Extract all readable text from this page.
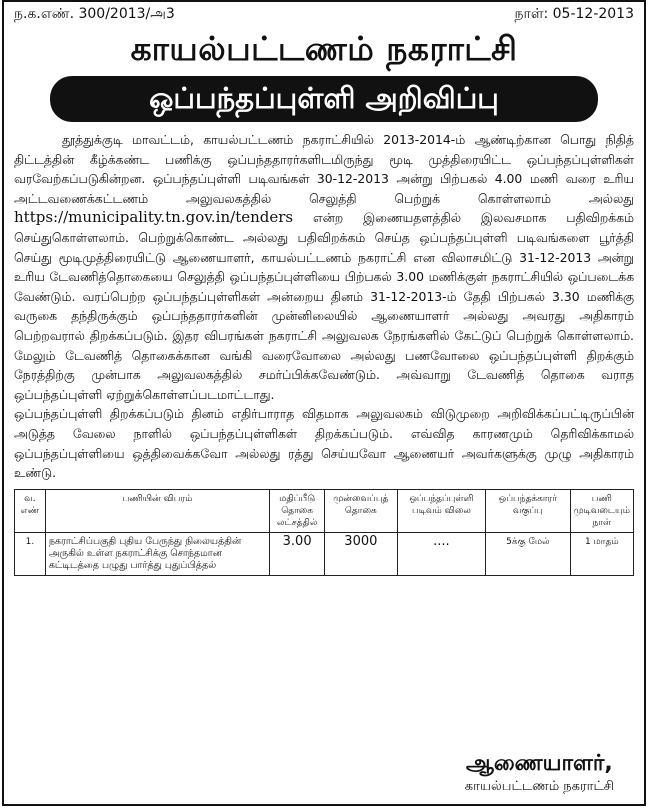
ந.க.எண். 300/2013/அ3	நாள்: 05-12-2013
காயல்பட்டணம் நகராட்சி
ஒப்பந்தப்புள்ளி அறிவிப்பு

தூத்துக்குடி மாவட்டம், காயல்பட்டணம் நகராட்சியில் 2013-2014-ம் ஆண்டிற்கான பொது நிதித் திட்டத்தின் கீழ்க்கண்ட பணிக்கு ஒப்பந்ததாரர்களிடமிருந்து மூடி முத்திரையிட்ட ஒப்பந்தப்புள்ளிகள் வரவேற்கப்படுகின்றன. ஒப்பந்தப்புள்ளி படிவங்கள் 30-12-2013 அன்று பிற்பகல் 4.00 மணி வரை உரிய அட்டவணைக்கட்டணம் அலுவலகத்தில் செலுத்தி பெற்றுக் கொள்ளலாம் அல்லது https://municipality.tn.gov.in/tenders என்ற இணையதளத்தில் இலவசமாக பதிவிறக்கம் செய்துகொள்ளலாம். பெற்றுக்கொண்ட அல்லது பதிவிறக்கம் செய்த ஒப்பந்தப்புள்ளி படிவங்களை பூர்த்தி செய்து மூடிமுத்திரையிட்டு ஆணையாளர், காயல்பட்டணம் நகராட்சி என விலாசமிட்டு 31-12-2013 அன்று உரிய டேவணித்தொகையை செலுத்தி ஒப்பந்தப்புள்ளியை பிற்பகல் 3.00 மணிக்குள் நகராட்சியில் ஒப்படைக்க வேண்டும். வரப்பெற்ற ஒப்பந்தப்புள்ளிகள் அன்றைய தினம் 31-12-2013-ம் தேதி பிற்பகல் 3.30 மணிக்கு வருகை தந்திருக்கும் ஒப்பந்ததாரர்களின் முன்னிலையில் ஆணையாளர் அல்லது அவரது அதிகாரம் பெற்றவரால் திறக்கப்படும். இதர விபரங்கள் நகராட்சி அலுவலக நேரங்களில் கேட்டுப் பெற்றுக் கொள்ளலாம். மேலும் டேவணித் தொகைக்கான வங்கி வரைவோலை அல்லது பணவோலை ஒப்பந்தப்புள்ளி திறக்கும் நேரத்திற்கு முன்பாக அலுவலகத்தில் சமர்ப்பிக்கவேண்டும். அவ்வாறு டேவணித் தொகை வராத ஒப்பந்தப்புள்ளி ஏற்றுக்கொள்ளப்படமாட்டாது.

ஒப்பந்தப்புள்ளி திறக்கப்படும் தினம் எதிர்பாராத விதமாக அலுவலகம் விடுமுறை அறிவிக்கப்பட்டிருப்பின் அடுத்த வேலை நாளில் ஒப்பந்தப்புள்ளிகள் திறக்கப்படும். எவ்வித காரணமும் தெரிவிக்காமல் ஒப்பந்தப்புள்ளியை ஒத்திவைக்கவோ அல்லது ரத்து செய்யவோ ஆணையர் அவர்களுக்கு முழு அதிகாரம் உண்டு.

வ. எண்	பணியின் விபரம்	மதிப்பீடு தொகை லட்சத்தில்	முன்வைப்புத் தொகை	ஒப்பந்தப்புள்ளி படிவம் விலை	ஒப்பந்தக்காரர் வகுப்பு	பணி முடிவடையும் நாள்
1.	நகராட்சிப்பகுதி புதிய பேருந்து நிலையத்தின் அருகில் உள்ள நகராட்சிக்கு சொந்தமான கட்டிடத்தை பழுது பார்த்து புதுப்பித்தல்	3.00	3000	....	5க்கு மேல்	1 மாதம்
ஆணையாளர்,
காயல்பட்டணம் நகராட்சி
